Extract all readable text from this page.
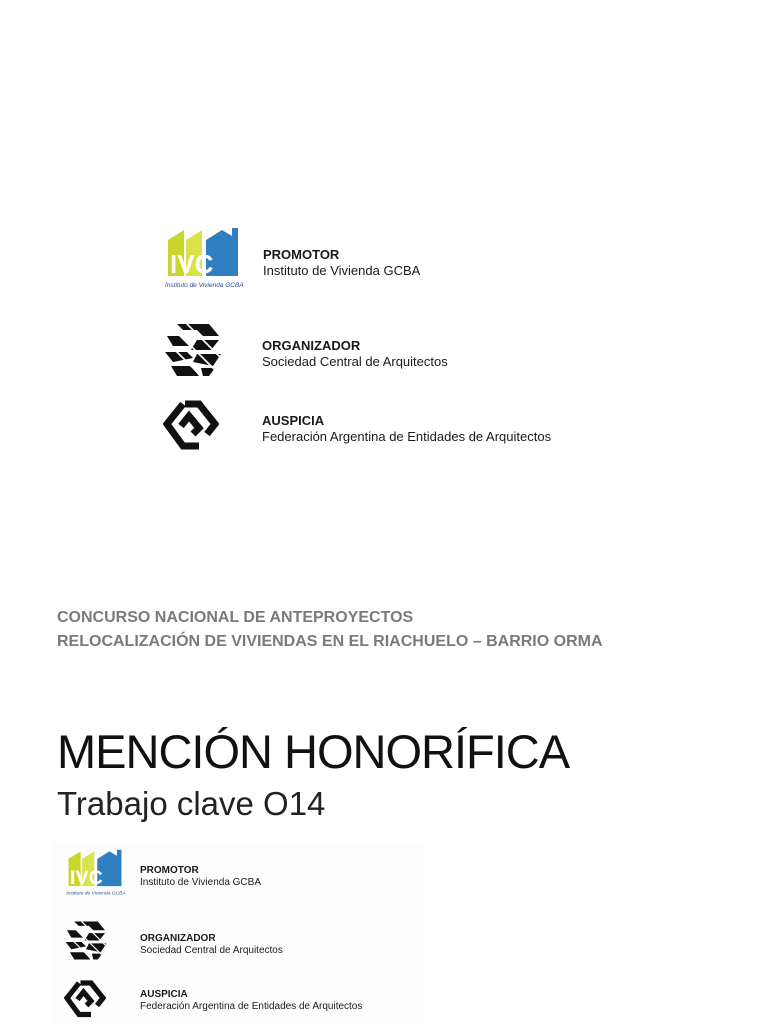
IVC
Instituto de Vivienda GCBA
PROMOTOR
Instituto de Vivienda GCBA
ORGANIZADOR
Sociedad Central de Arquitectos
AUSPICIA
Federación Argentina de Entidades de Arquitectos
CONCURSO NACIONAL DE ANTEPROYECTOS
RELOCALIZACIÓN DE VIVIENDAS EN EL RIACHUELO – BARRIO ORMA
MENCIÓN HONORÍFICA
Trabajo clave O14
IVC
Instituto de Vivienda GCBA
PROMOTOR
Instituto de Vivienda GCBA
ORGANIZADOR
Sociedad Central de Arquitectos
AUSPICIA
Federación Argentina de Entidades de Arquitectos
